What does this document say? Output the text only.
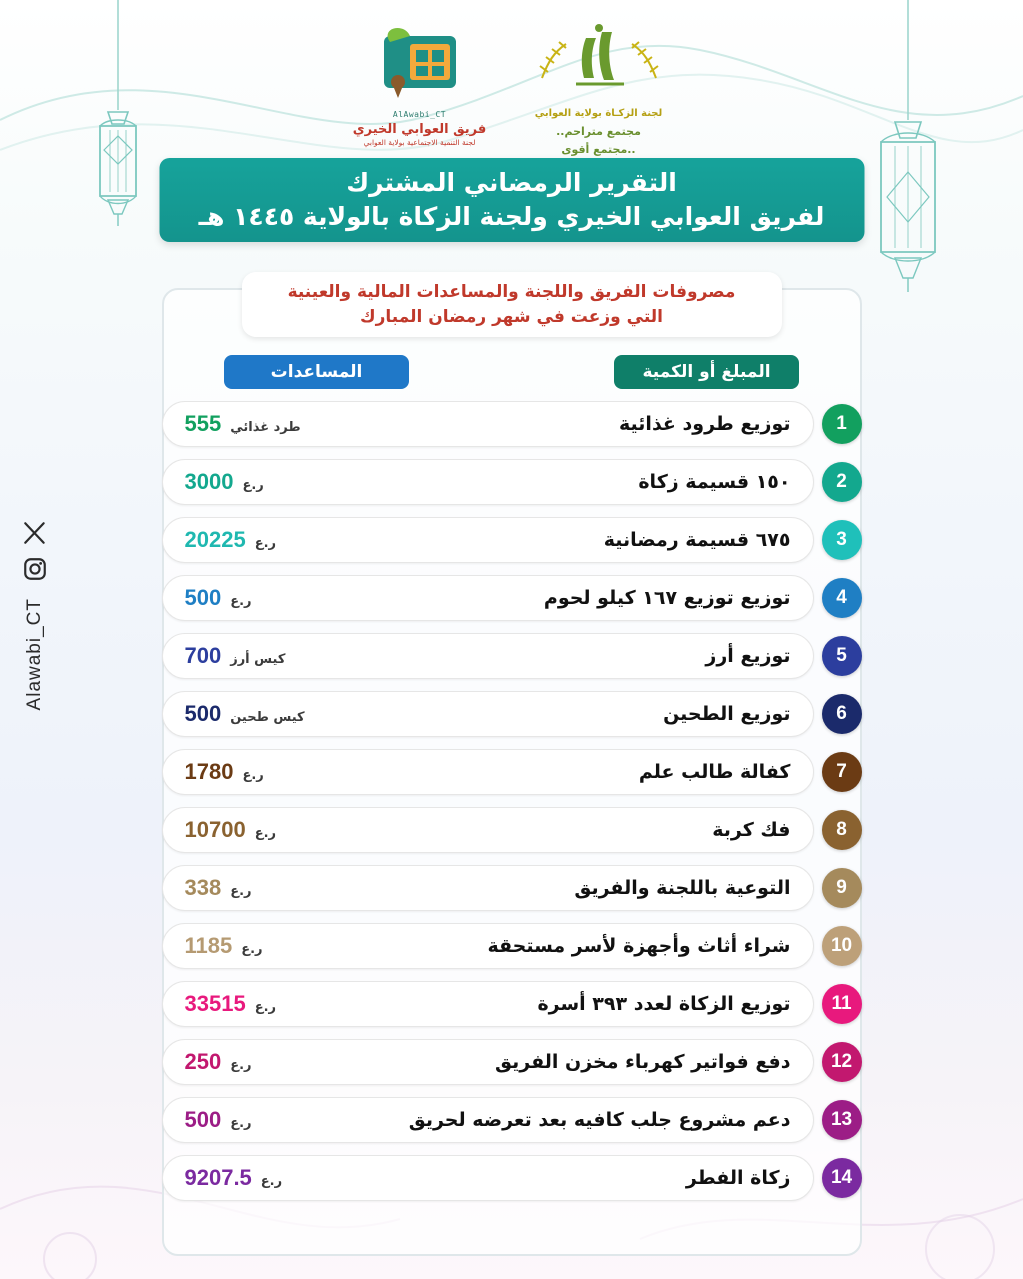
لجنة الزكـاة بولاية العوابي
مجتمع متراحم..
..مجتمع أقوى
AlAwabi_CT
فريق العوابي الخيري
لجنة التنمية الاجتماعية بولاية العوابي
التقرير الرمضاني المشترك
لفريق العوابي الخيري ولجنة الزكاة بالولاية ١٤٤٥ هـ
مصروفات الفريق واللجنة والمساعدات المالية والعينية
التي وزعت في شهر رمضان المبارك
المبلغ أو الكمية
المساعدات
1
توزيع طرود غذائية
طرد غذائي
555
2
١٥٠ قسيمة زكاة
ر.ع
3000
3
٦٧٥ قسيمة رمضانية
ر.ع
20225
4
توزيع توزيع ١٦٧ كيلو لحوم
ر.ع
500
5
توزيع أرز
كيس أرز
700
6
توزيع الطحين
كيس طحين
500
7
كفالة طالب علم
ر.ع
1780
8
فك كربة
ر.ع
10700
9
التوعية باللجنة والفريق
ر.ع
338
10
شراء أثاث وأجهزة لأسر مستحقة
ر.ع
1185
11
توزيع الزكاة لعدد ٣٩٣ أسرة
ر.ع
33515
12
دفع فواتير كهرباء مخزن الفريق
ر.ع
250
13
دعم مشروع جلب كافيه بعد تعرضه لحريق
ر.ع
500
14
زكاة الفطر
ر.ع
9207.5
Alawabi_CT
